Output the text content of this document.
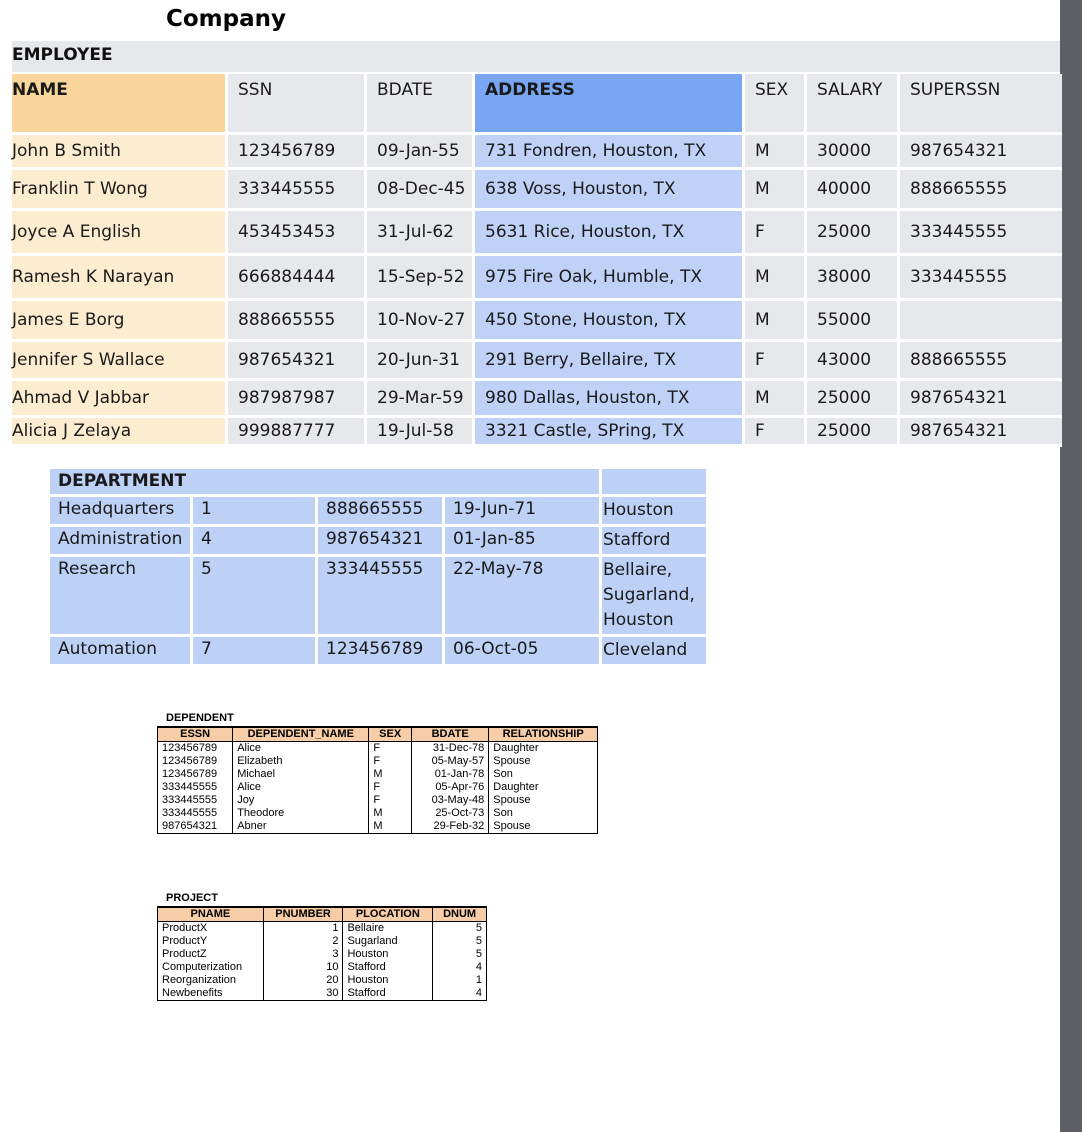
Company
EMPLOYEE
NAME	SSN	BDATE	ADDRESS	SEX	SALARY	SUPERSSN
John B Smith	123456789	09-Jan-55	731 Fondren, Houston, TX	M	30000	987654321
Franklin T Wong	333445555	08-Dec-45	638 Voss, Houston, TX	M	40000	888665555
Joyce A English	453453453	31-Jul-62	5631 Rice, Houston, TX	F	25000	333445555
Ramesh K Narayan	666884444	15-Sep-52	975 Fire Oak, Humble, TX	M	38000	333445555
James E Borg	888665555	10-Nov-27	450 Stone, Houston, TX	M	55000	
Jennifer S Wallace	987654321	20-Jun-31	291 Berry, Bellaire, TX	F	43000	888665555
Ahmad V Jabbar	987987987	29-Mar-59	980 Dallas, Houston, TX	M	25000	987654321
Alicia J Zelaya	999887777	19-Jul-58	3321 Castle, SPring, TX	F	25000	987654321
DEPARTMENT				
Headquarters	1	888665555	19-Jun-71	Houston
Administration	4	987654321	01-Jan-85	Stafford
Research	5	333445555	22-May-78	Bellaire, Sugarland, Houston
Automation	7	123456789	06-Oct-05	Cleveland
DEPENDENT
ESSN	DEPENDENT_NAME	SEX	BDATE	RELATIONSHIP
123456789	Alice	F	31-Dec-78	Daughter
123456789	Elizabeth	F	05-May-57	Spouse
123456789	Michael	M	01-Jan-78	Son
333445555	Alice	F	05-Apr-76	Daughter
333445555	Joy	F	03-May-48	Spouse
333445555	Theodore	M	25-Oct-73	Son
987654321	Abner	M	29-Feb-32	Spouse
PROJECT
PNAME	PNUMBER	PLOCATION	DNUM
ProductX	1	Bellaire	5
ProductY	2	Sugarland	5
ProductZ	3	Houston	5
Computerization	10	Stafford	4
Reorganization	20	Houston	1
Newbenefits	30	Stafford	4
